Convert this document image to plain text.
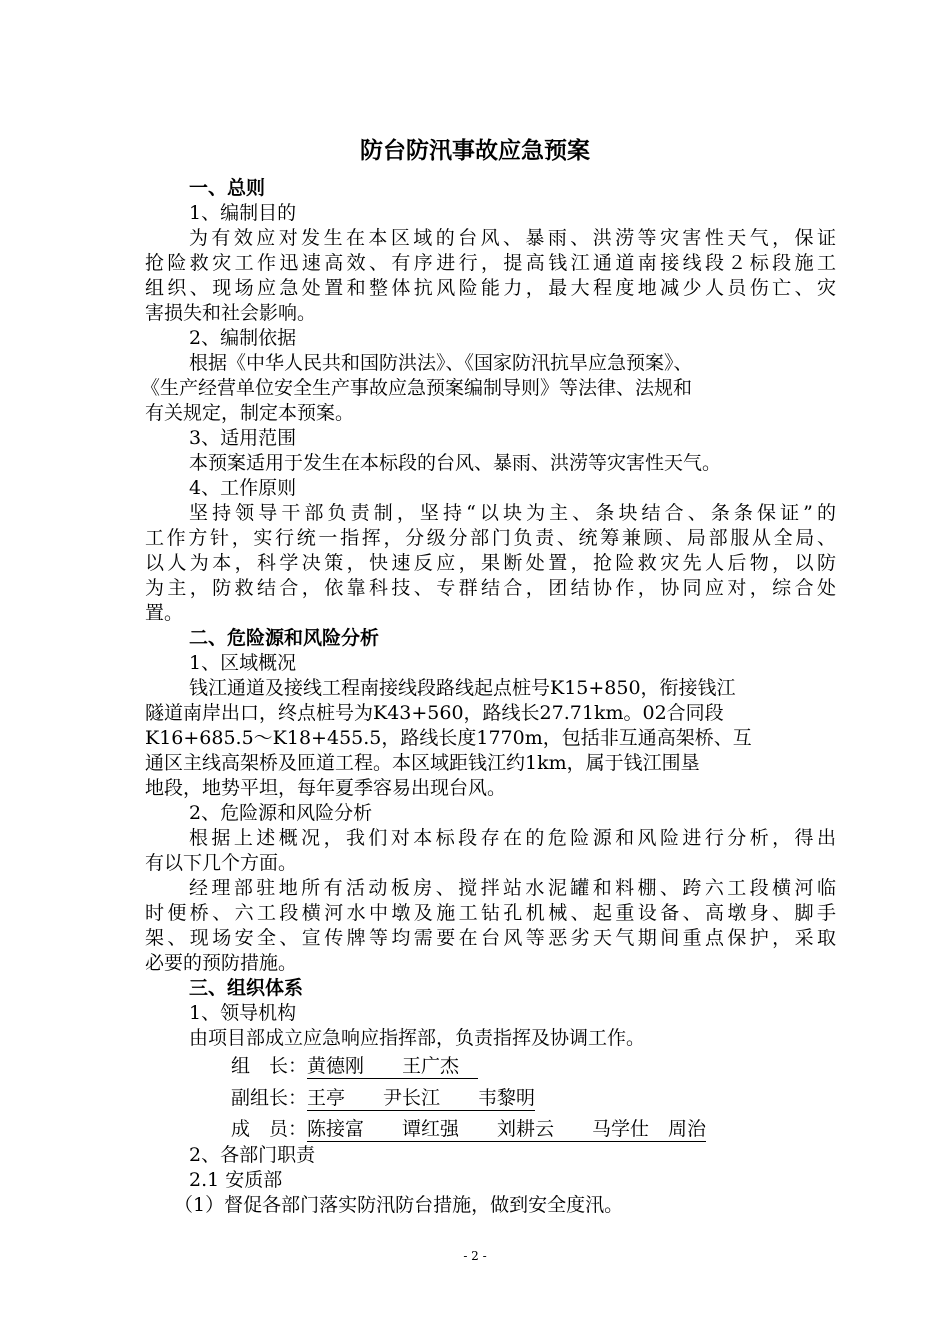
防台防汛事故应急预案
一、总则
1、编制目的
为有效应对发生在本区域的台风、暴雨、洪涝等灾害性天气，保证
抢险救灾工作迅速高效、有序进行，提高钱江通道南接线段２标段施工
组织、现场应急处置和整体抗风险能力，最大程度地减少人员伤亡、灾
害损失和社会影响。
2、编制依据
根据《中华人民共和国防洪法》、《国家防汛抗旱应急预案》、
《生产经营单位安全生产事故应急预案编制导则》等法律、法规和
有关规定，制定本预案。
3、适用范围
本预案适用于发生在本标段的台风、暴雨、洪涝等灾害性天气。
4、工作原则
坚持领导干部负责制，坚持“以块为主、条块结合、条条保证”的
工作方针，实行统一指挥，分级分部门负责、统筹兼顾、局部服从全局、
以人为本，科学决策，快速反应，果断处置，抢险救灾先人后物，以防
为主，防救结合，依靠科技、专群结合，团结协作，协同应对，综合处
置。
二、危险源和风险分析
1、区域概况
钱江通道及接线工程南接线段路线起点桩号K15+850，衔接钱江
隧道南岸出口，终点桩号为K43+560，路线长27.71km。02合同段
K16+685.5～K18+455.5，路线长度1770m，包括非互通高架桥、互
通区主线高架桥及匝道工程。本区域距钱江约1km，属于钱江围垦
地段，地势平坦，每年夏季容易出现台风。
2、危险源和风险分析
根据上述概况，我们对本标段存在的危险源和风险进行分析，得出
有以下几个方面。
经理部驻地所有活动板房、搅拌站水泥罐和料棚、跨六工段横河临
时便桥、六工段横河水中墩及施工钻孔机械、起重设备、高墩身、脚手
架、现场安全、宣传牌等均需要在台风等恶劣天气期间重点保护，采取
必要的预防措施。
三、组织体系
1、领导机构
由项目部成立应急响应指挥部，负责指挥及协调工作。
组　长：黄德刚　　王广杰　
副组长：王亭　　尹长江　　韦黎明
成　员：陈接富　　谭红强　　刘耕云　　马学仕　周治
2、各部门职责
2.1 安质部
（1）督促各部门落实防汛防台措施，做到安全度汛。
- 2 -
